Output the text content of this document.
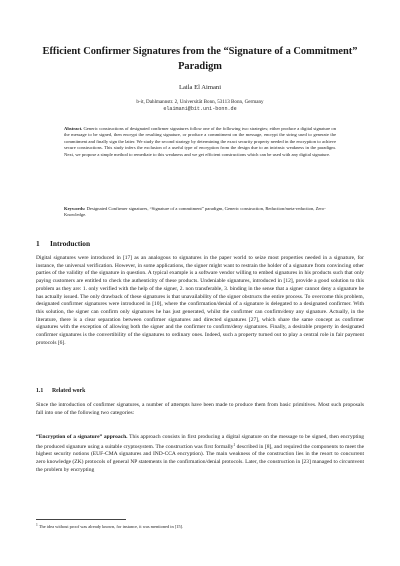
Efficient Confirmer Signatures from the “Signature of a Commitment” Paradigm
Laila El Aimani
b-it, Dahlmannstr. 2, Universität Bonn, 53113 Bonn, Germany
elaimani@bit.uni-bonn.de
Abstract. Generic constructions of designated confirmer signatures follow one of the following two strategies; either produce a digital signature on the message to be signed, then encrypt the resulting signature, or produce a commitment on the message, encrypt the string used to generate the commitment and finally sign the latter. We study the second strategy by determining the exact security property needed in the encryption to achieve secure constructions. This study infers the exclusion of a useful type of encryption from the design due to an intrinsic weakness in the paradigm. Next, we propose a simple method to remediate to this weakness and we get efficient constructions which can be used with any digital signature.
Keywords: Designated Confirmer signatures, “Signature of a commitment” paradigm, Generic construction, Reduction/meta-reduction, Zero-Knowledge.
1 Introduction
Digital signatures were introduced in [17] as an analogous to signatures in the paper world to seize most properties needed in a signature, for instance, the universal verification. However, in some applications, the signer might want to restrain the holder of a signature from convincing other parties of the validity of the signature in question. A typical example is a software vendor willing to embed signatures in his products such that only paying customers are entitled to check the authenticity of these products. Undeniable signatures, introduced in [12], provide a good solution to this problem as they are: 1. only verified with the help of the signer, 2. non transferable, 3. binding in the sense that a signer cannot deny a signature he has actually issued. The only drawback of these signatures is that unavailability of the signer obstructs the entire process. To overcome this problem, designated confirmer signatures were introduced in [10], where the confirmation/denial of a signature is delegated to a designated confirmer. With this solution, the signer can confirm only signatures he has just generated, whilst the confirmer can confirm/deny any signature. Actually, in the literature, there is a clear separation between confirmer signatures and directed signatures [27], which share the same concept as confirmer signatures with the exception of allowing both the signer and the confirmer to confirm/deny signatures. Finally, a desirable property in designated confirmer signatures is the convertibility of the signatures to ordinary ones. Indeed, such a property turned out to play a central role in fair payment protocols [6].
1.1 Related work
Since the introduction of confirmer signatures, a number of attempts have been made to produce them from basic primitives. Most such proposals fall into one of the following two categories:
“Encryption of a signature” approach. This approach consists in first producing a digital signature on the message to be signed, then encrypting the produced signature using a suitable cryptosystem. The construction was first formally$^1$ described in [8], and required the components to meet the highest security notions (EUF-CMA signatures and IND-CCA encryption). The main weakness of the construction lies in the resort to concurrent zero knowledge (ZK) protocols of general NP statements in the confirmation/denial protocols. Later, the construction in [23] managed to circumvent the problem by encrypting
$^1$ The idea without proof was already known, for instance, it was mentioned in [15].
